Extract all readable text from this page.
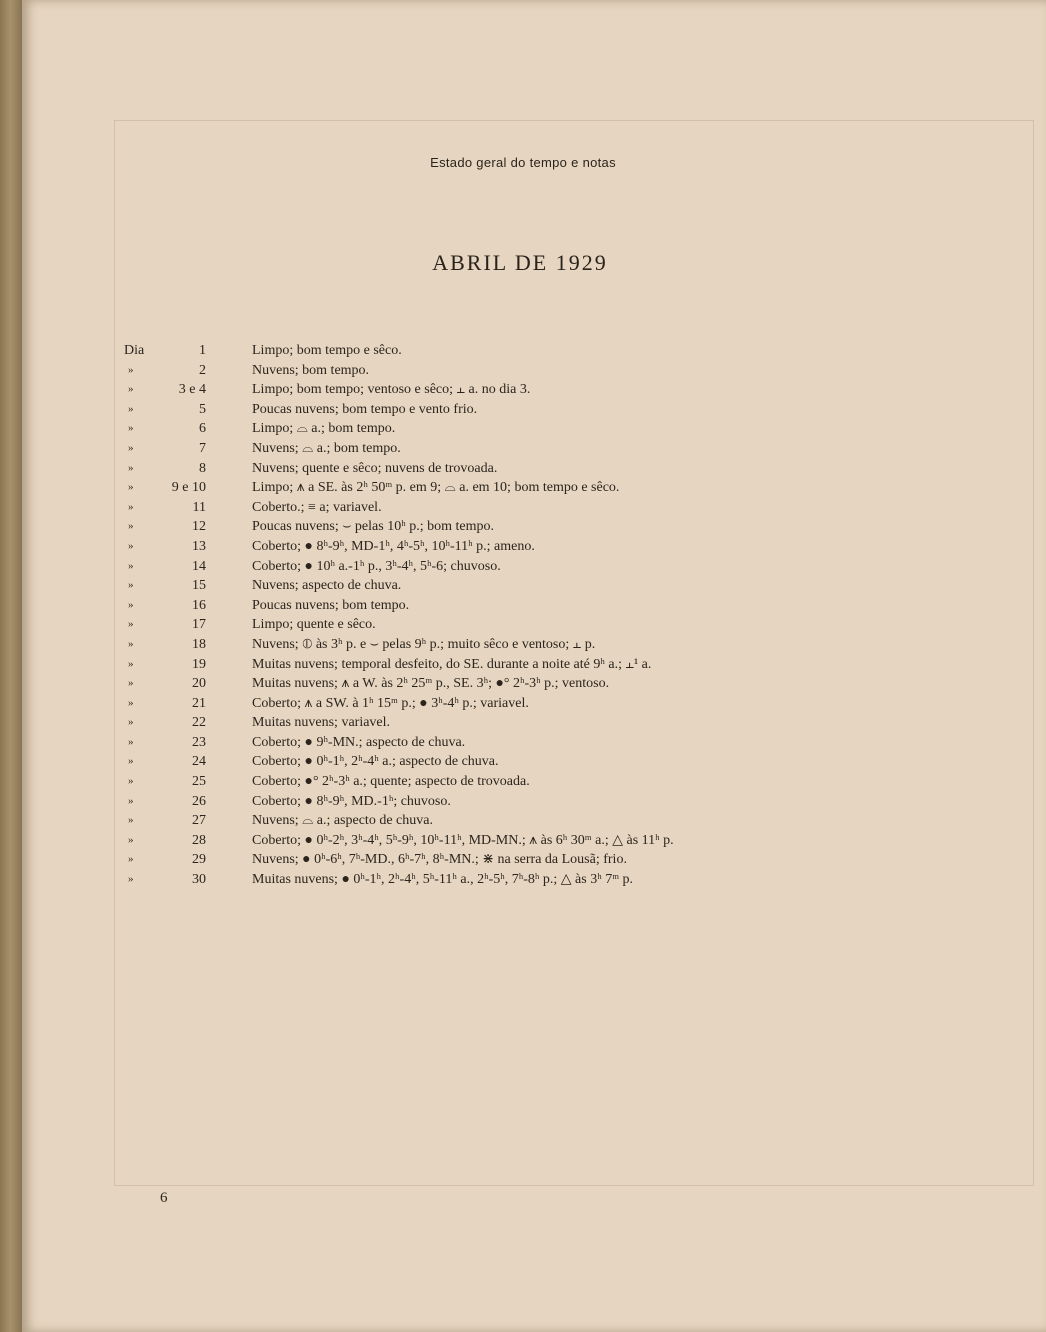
Estado geral do tempo e notas
ABRIL DE 1929
Dia	1	Limpo; bom tempo e sêco.
»	2	Nuvens; bom tempo.
»	3 e 4	Limpo; bom tempo; ventoso e sêco; ⫠ a. no dia 3.
»	5	Poucas nuvens; bom tempo e vento frio.
»	6	Limpo; ⌓ a.; bom tempo.
»	7	Nuvens; ⌓ a.; bom tempo.
»	8	Nuvens; quente e sêco; nuvens de trovoada.
»	9 e 10	Limpo; ⩚ a SE. às 2ʰ 50ᵐ p. em 9; ⌓ a. em 10; bom tempo e sêco.
»	11	Coberto.; ≡ a; variavel.
»	12	Poucas nuvens; ⌣ pelas 10ʰ p.; bom tempo.
»	13	Coberto; ● 8ʰ-9ʰ, MD-1ʰ, 4ʰ-5ʰ, 10ʰ-11ʰ p.; ameno.
»	14	Coberto; ● 10ʰ a.-1ʰ p., 3ʰ-4ʰ, 5ʰ-6; chuvoso.
»	15	Nuvens; aspecto de chuva.
»	16	Poucas nuvens; bom tempo.
»	17	Limpo; quente e sêco.
»	18	Nuvens; ⦶ às 3ʰ p. e ⌣ pelas 9ʰ p.; muito sêco e ventoso; ⫠ p.
»	19	Muitas nuvens; temporal desfeito, do SE. durante a noite até 9ʰ a.; ⫠¹ a.
»	20	Muitas nuvens; ⩚ a W. às 2ʰ 25ᵐ p., SE. 3ʰ; ●° 2ʰ-3ʰ p.; ventoso.
»	21	Coberto; ⩚ a SW. à 1ʰ 15ᵐ p.; ● 3ʰ-4ʰ p.; variavel.
»	22	Muitas nuvens; variavel.
»	23	Coberto; ● 9ʰ-MN.; aspecto de chuva.
»	24	Coberto; ● 0ʰ-1ʰ, 2ʰ-4ʰ a.; aspecto de chuva.
»	25	Coberto; ●° 2ʰ-3ʰ a.; quente; aspecto de trovoada.
»	26	Coberto; ● 8ʰ-9ʰ, MD.-1ʰ; chuvoso.
»	27	Nuvens; ⌓ a.; aspecto de chuva.
»	28	Coberto; ● 0ʰ-2ʰ, 3ʰ-4ʰ, 5ʰ-9ʰ, 10ʰ-11ʰ, MD-MN.; ⩚ às 6ʰ 30ᵐ a.; △ às 11ʰ p.
»	29	Nuvens; ● 0ʰ-6ʰ, 7ʰ-MD., 6ʰ-7ʰ, 8ʰ-MN.; ⋇ na serra da Lousã; frio.
»	30	Muitas nuvens; ● 0ʰ-1ʰ, 2ʰ-4ʰ, 5ʰ-11ʰ a., 2ʰ-5ʰ, 7ʰ-8ʰ p.; △ às 3ʰ 7ᵐ p.
6
